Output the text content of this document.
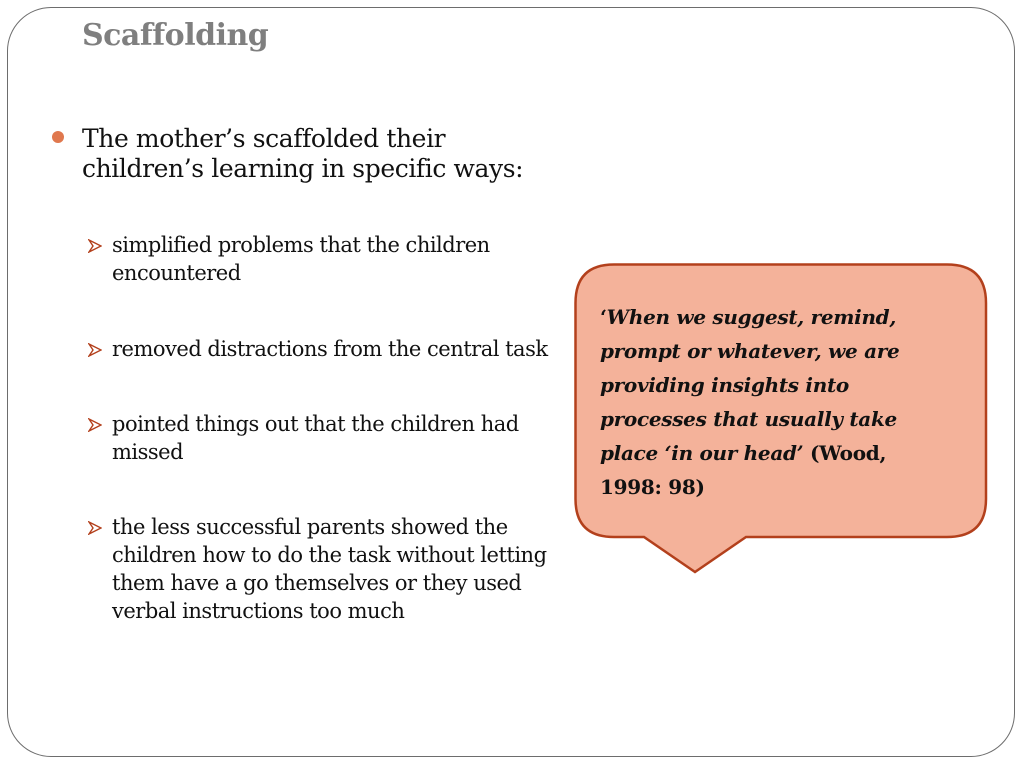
Scaffolding
The mother’s scaffolded their children’s learning in specific ways:
simplified problems that the children encountered
removed distractions from the central task
pointed things out that the children had missed
the less successful parents showed the children how to do the task without letting them have a go themselves or they used verbal instructions too much
‘When we suggest, remind, prompt or whatever, we are providing insights into processes that usually take place ‘in our head’ (Wood, 1998: 98)
